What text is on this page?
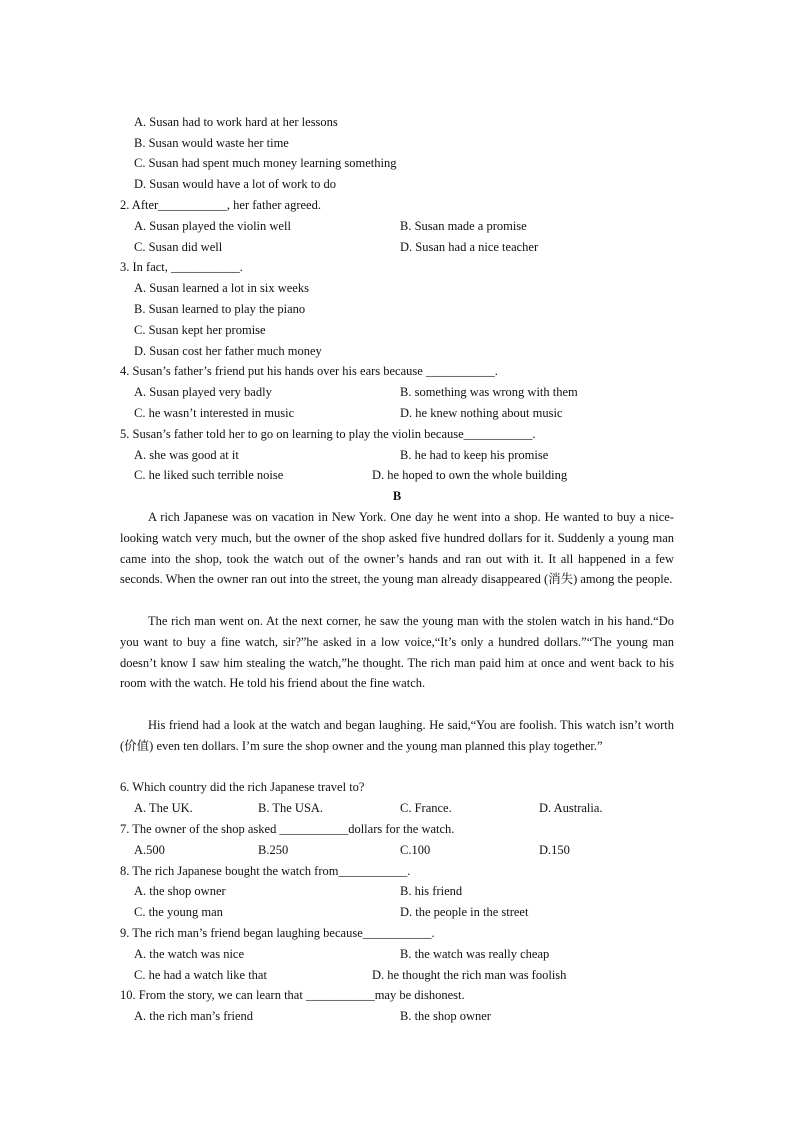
A. Susan had to work hard at her lessons
B. Susan would waste her time
C. Susan had spent much money learning something
D. Susan would have a lot of work to do
2. After___________, her father agreed.
A. Susan played the violin well	B. Susan made a promise
C. Susan did well	D. Susan had a nice teacher
3. In fact, ___________.
A. Susan learned a lot in six weeks
B. Susan learned to play the piano
C. Susan kept her promise
D. Susan cost her father much money
4. Susan’s father’s friend put his hands over his ears because ___________.
A. Susan played very badly	B. something was wrong with them
C. he wasn’t interested in music	D. he knew nothing about music
5. Susan’s father told her to go on learning to play the violin because___________.
A. she was good at it	B. he had to keep his promise
C. he liked such terrible noise	D. he hoped to own the whole building
B
A rich Japanese was on vacation in New York. One day he went into a shop. He wanted to buy a nice-looking watch very much, but the owner of the shop asked five hundred dollars for it. Suddenly a young man came into the shop, took the watch out of the owner’s hands and ran out with it. It all happened in a few seconds. When the owner ran out into the street, the young man already disappeared (消失) among the people.
The rich man went on. At the next corner, he saw the young man with the stolen watch in his hand.“Do you want to buy a fine watch, sir?”he asked in a low voice,“It’s only a hundred dollars.”“The young man doesn’t know I saw him stealing the watch,”he thought. The rich man paid him at once and went back to his room with the watch. He told his friend about the fine watch.
His friend had a look at the watch and began laughing. He said,“You are foolish. This watch isn’t worth (价值) even ten dollars. I’m sure the shop owner and the young man planned this play together.”
6. Which country did the rich Japanese travel to?
A. The UK.	B. The USA.	C. France.	D. Australia.
7. The owner of the shop asked ___________dollars for the watch.
A.500	B.250	C.100	D.150
8. The rich Japanese bought the watch from___________.
A. the shop owner	B. his friend
C. the young man	D. the people in the street
9. The rich man’s friend began laughing because___________.
A. the watch was nice	B. the watch was really cheap
C. he had a watch like that	D. he thought the rich man was foolish
10. From the story, we can learn that ___________may be dishonest.
A. the rich man’s friend	B. the shop owner
